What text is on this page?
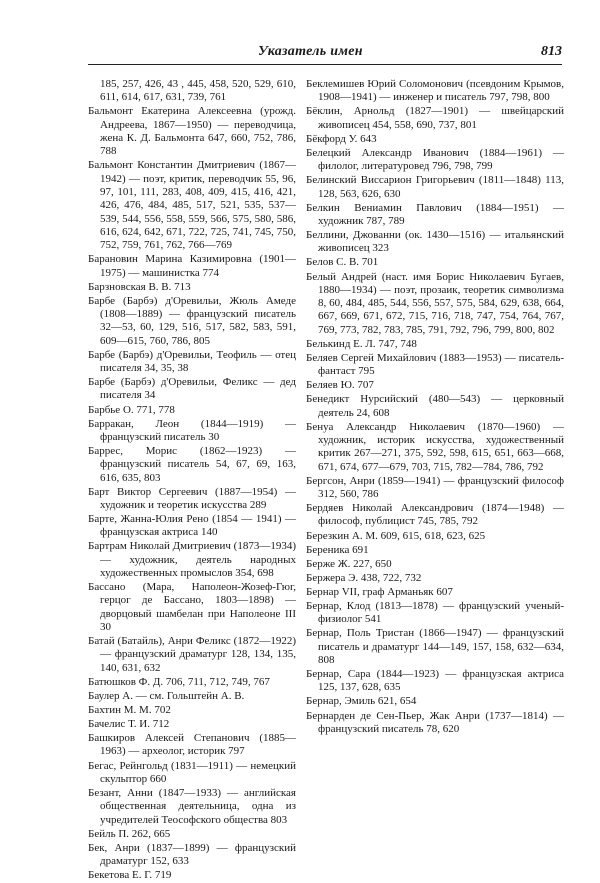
Указатель имен	813

185, 257, 426, 43 , 445, 458, 520, 529, 610, 611, 614, 617, 631, 739, 761

Бальмонт Екатерина Алексеевна (урожд. Андреева, 1867—1950) — переводчица, жена К. Д. Бальмонта 647, 660, 752, 786, 788

Бальмонт Константин Дмитриевич (1867—1942) — поэт, критик, переводчик 55, 96, 97, 101, 111, 283, 408, 409, 415, 416, 421, 426, 476, 484, 485, 517, 521, 535, 537—539, 544, 556, 558, 559, 566, 575, 580, 586, 616, 624, 642, 671, 722, 725, 741, 745, 750, 752, 759, 761, 762, 766—769

Барановин Марина Казимировна (1901—1975) — машинистка 774

Барзновская В. В. 713

Барбе (Барбэ) д'Оревильи, Жюль Амеде (1808—1889) — французский писатель 32—53, 60, 129, 516, 517, 582, 583, 591, 609—615, 760, 786, 805

Барбе (Барбэ) д'Оревильи, Теофиль — отец писателя 34, 35, 38

Барбе (Барбэ) д'Оревильи, Феликс — дед писателя 34

Барбье О. 771, 778

Барракан, Леон (1844—1919) — французский писатель 30

Баррес, Морис (1862—1923) — французский писатель 54, 67, 69, 163, 616, 635, 803

Барт Виктор Сергеевич (1887—1954) — художник и теоретик искусства 289

Барте, Жанна-Юлия Рено (1854 — 1941) — французская актриса 140

Бартрам Николай Дмитриевич (1873—1934) — художник, деятель народных художественных промыслов 354, 698

Бассано (Мара, Наполеон-Жозеф-Гюг, герцог де Бассано, 1803—1898) — дворцовый шамбелан при Наполеоне III 30

Батай (Батайль), Анри Феликс (1872—1922) — французский драматург 128, 134, 135, 140, 631, 632

Батюшков Ф. Д. 706, 711, 712, 749, 767

Баулер А. — см. Гольштейн А. В.

Бахтин М. М. 702

Бачелис Т. И. 712

Башкиров Алексей Степанович (1885—1963) — археолог, историк 797

Бегас, Рейнгольд (1831—1911) — немецкий скульптор 660

Безант, Анни (1847—1933) — английская общественная деятельница, одна из учредителей Теософского общества 803

Бейль П. 262, 665

Бек, Анри (1837—1899) — французский драматург 152, 633

Бекетова Е. Г. 719

Беклемишев Юрий Соломонович (псевдоним Крымов, 1908—1941) — инженер и писатель 797, 798, 800

Бёклин, Арнольд (1827—1901) — швейцарский живописец 454, 558, 690, 737, 801

Бёкфорд У. 643

Белецкий Александр Иванович (1884—1961) — филолог, литературовед 796, 798, 799

Белинский Виссарион Григорьевич (1811—1848) 113, 128, 563, 626, 630

Белкин Вениамин Павлович (1884—1951) — художник 787, 789

Беллини, Джованни (ок. 1430—1516) — итальянский живописец 323

Белов С. В. 701

Белый Андрей (наст. имя Борис Николаевич Бугаев, 1880—1934) — поэт, прозаик, теоретик символизма 8, 60, 484, 485, 544, 556, 557, 575, 584, 629, 638, 664, 667, 669, 671, 672, 715, 716, 718, 747, 754, 764, 767, 769, 773, 782, 783, 785, 791, 792, 796, 799, 800, 802

Белькинд Е. Л. 747, 748

Беляев Сергей Михайлович (1883—1953) — писатель-фантаст 795

Беляев Ю. 707

Бенедикт Нурсийский (480—543) — церковный деятель 24, 608

Бенуа Александр Николаевич (1870—1960) — художник, историк искусства, художественный критик 267—271, 375, 592, 598, 615, 651, 663—668, 671, 674, 677—679, 703, 715, 782—784, 786, 792

Бергсон, Анри (1859—1941) — французский философ 312, 560, 786

Бердяев Николай Александрович (1874—1948) — философ, публицист 745, 785, 792

Березкин А. М. 609, 615, 618, 623, 625

Береника 691

Берже Ж. 227, 650

Бержера Э. 438, 722, 732

Бернар VII, граф Арманьяк 607

Бернар, Клод (1813—1878) — французский ученый-физиолог 541

Бернар, Поль Тристан (1866—1947) — французский писатель и драматург 144—149, 157, 158, 632—634, 808

Бернар, Сара (1844—1923) — французская актриса 125, 137, 628, 635

Бернар, Эмиль 621, 654

Бернарден де Сен-Пьер, Жак Анри (1737—1814) — французский писатель 78, 620
